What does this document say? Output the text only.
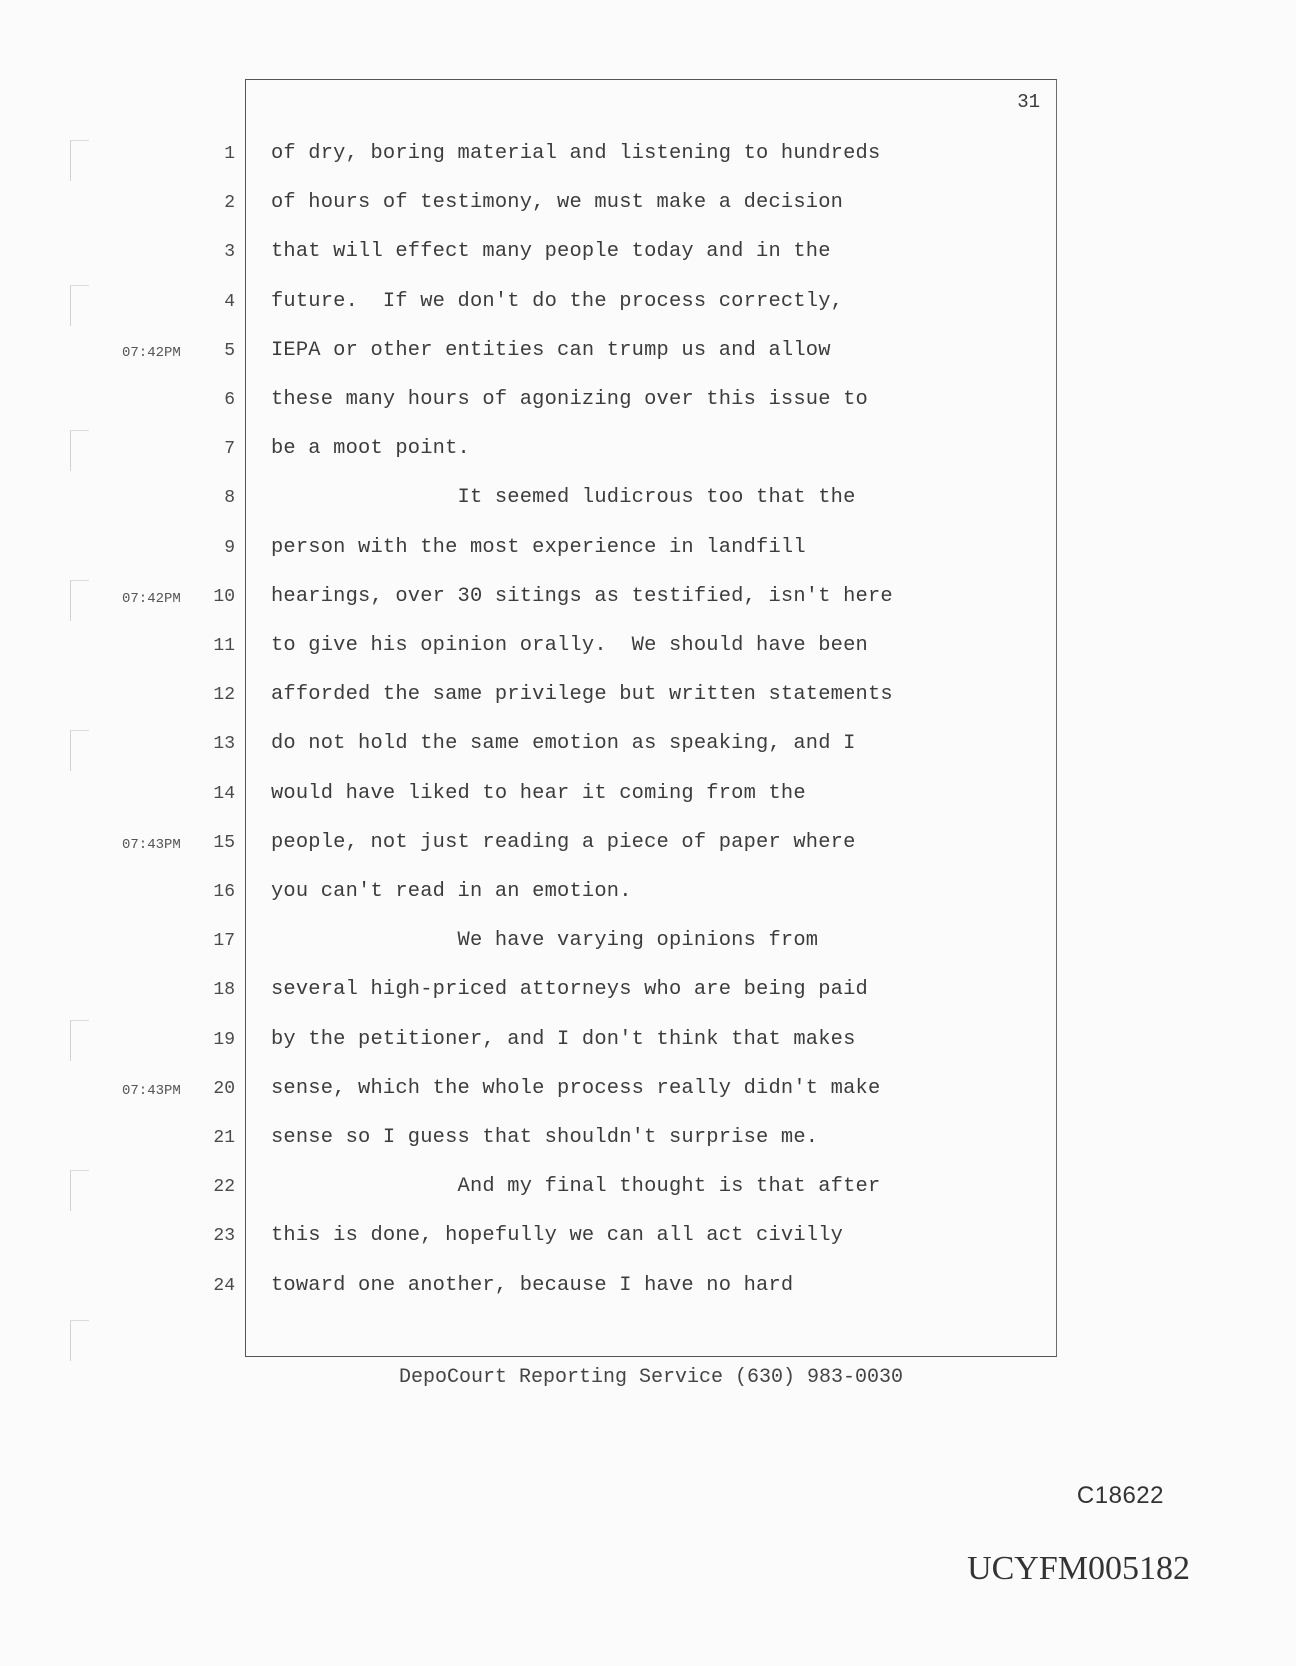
31
1 of dry, boring material and listening to hundreds
2 of hours of testimony, we must make a decision
3 that will effect many people today and in the
4 future.  If we don't do the process correctly,
07:42PM	5 IEPA or other entities can trump us and allow
6 these many hours of agonizing over this issue to
7 be a moot point.
8 It seemed ludicrous too that the
9 person with the most experience in landfill
07:42PM	10 hearings, over 30 sitings as testified, isn't here
11 to give his opinion orally.  We should have been
12 afforded the same privilege but written statements
13 do not hold the same emotion as speaking, and I
14 would have liked to hear it coming from the
07:43PM	15 people, not just reading a piece of paper where
16 you can't read in an emotion.
17 We have varying opinions from
18 several high-priced attorneys who are being paid
19 by the petitioner, and I don't think that makes
07:43PM	20 sense, which the whole process really didn't make
21 sense so I guess that shouldn't surprise me.
22 And my final thought is that after
23 this is done, hopefully we can all act civilly
24 toward one another, because I have no hard
DepoCourt Reporting Service (630) 983-0030
C18622
UCYFM005182
